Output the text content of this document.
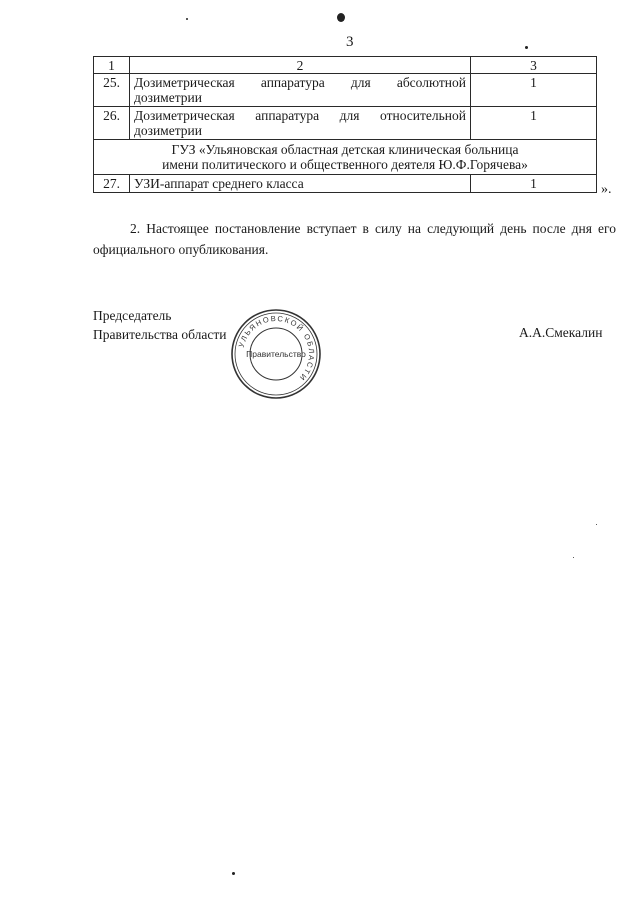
3
1	2	3
25.	Дозиметрическая аппаратура для абсолютной дозиметрии	1
26.	Дозиметрическая аппаратура для относительной дозиметрии	1

ГУЗ «Ульяновская областная детская клиническая больница
имени политического и общественного деятеля Ю.Ф.Горячева»		

27.	УЗИ-аппарат среднего класса	1	».

2. Настоящее постановление вступает в силу на следующий день после дня его официального опубликования.

Председатель
Правительства области	А.А.Смекалин
УЛЬЯНОВСКОЙ ОБЛАСТИ
Правительство
